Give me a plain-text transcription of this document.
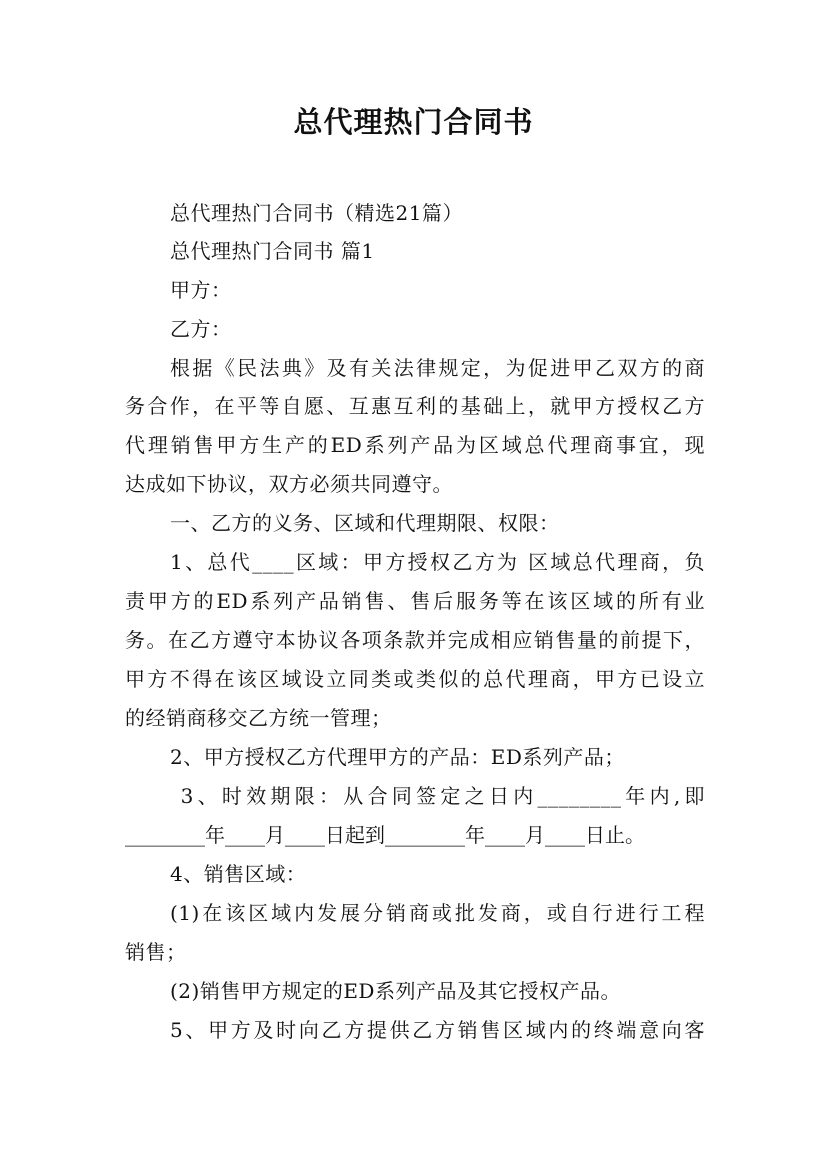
总代理热门合同书
总代理热门合同书（精选21篇）
总代理热门合同书 篇1
甲方：
乙方：
根据《民法典》及有关法律规定，为促进甲乙双方的商
务合作，在平等自愿、互惠互利的基础上，就甲方授权乙方
代理销售甲方生产的ED系列产品为区域总代理商事宜，现
达成如下协议，双方必须共同遵守。
一、乙方的义务、区域和代理期限、权限：
1、总代____区域：甲方授权乙方为 区域总代理商，负
责甲方的ED系列产品销售、售后服务等在该区域的所有业
务。在乙方遵守本协议各项条款并完成相应销售量的前提下，
甲方不得在该区域设立同类或类似的总代理商，甲方已设立
的经销商移交乙方统一管理；
2、甲方授权乙方代理甲方的产品：ED系列产品；
3、时效期限：从合同签定之日内________年内,即
________年____月____日起到________年____月____日止。
4、销售区域：
(1)在该区域内发展分销商或批发商，或自行进行工程
销售；
(2)销售甲方规定的ED系列产品及其它授权产品。
5、甲方及时向乙方提供乙方销售区域内的终端意向客
